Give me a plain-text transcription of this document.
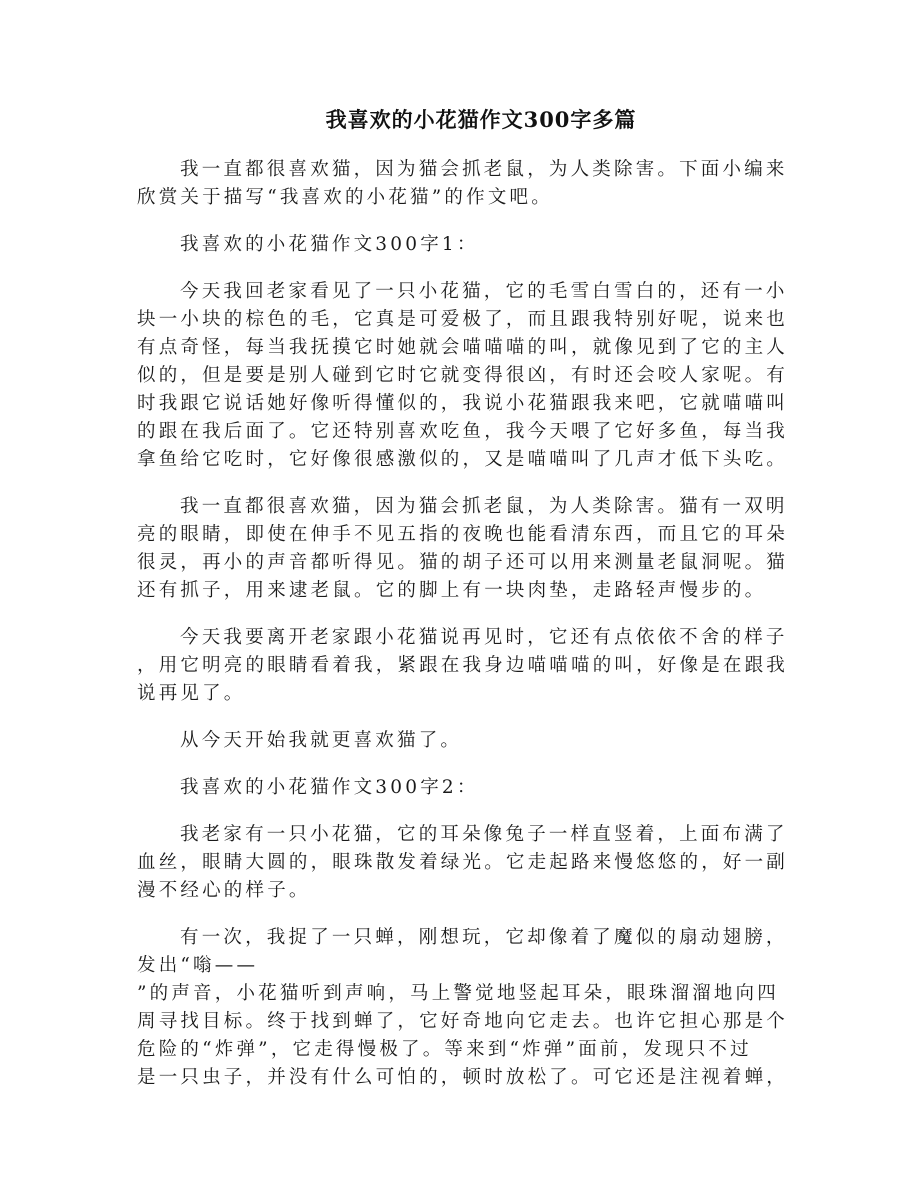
我喜欢的小花猫作文300字多篇
我一直都很喜欢猫，因为猫会抓老鼠，为人类除害。下面小编来
欣赏关于描写“我喜欢的小花猫”的作文吧。
我喜欢的小花猫作文300字1：
今天我回老家看见了一只小花猫，它的毛雪白雪白的，还有一小
块一小块的棕色的毛，它真是可爱极了，而且跟我特别好呢，说来也
有点奇怪，每当我抚摸它时她就会喵喵喵的叫，就像见到了它的主人
似的，但是要是别人碰到它时它就变得很凶，有时还会咬人家呢。有
时我跟它说话她好像听得懂似的，我说小花猫跟我来吧，它就喵喵叫
的跟在我后面了。它还特别喜欢吃鱼，我今天喂了它好多鱼，每当我
拿鱼给它吃时，它好像很感激似的，又是喵喵叫了几声才低下头吃。
我一直都很喜欢猫，因为猫会抓老鼠，为人类除害。猫有一双明
亮的眼睛，即使在伸手不见五指的夜晚也能看清东西，而且它的耳朵
很灵，再小的声音都听得见。猫的胡子还可以用来测量老鼠洞呢。猫
还有抓子，用来逮老鼠。它的脚上有一块肉垫，走路轻声慢步的。
今天我要离开老家跟小花猫说再见时，它还有点依依不舍的样子
，用它明亮的眼睛看着我，紧跟在我身边喵喵喵的叫，好像是在跟我
说再见了。
从今天开始我就更喜欢猫了。
我喜欢的小花猫作文300字2：
我老家有一只小花猫，它的耳朵像兔子一样直竖着，上面布满了
血丝，眼睛大圆的，眼珠散发着绿光。它走起路来慢悠悠的，好一副
漫不经心的样子。
有一次，我捉了一只蝉，刚想玩，它却像着了魔似的扇动翅膀，
发出“嗡——
”的声音，小花猫听到声响，马上警觉地竖起耳朵，眼珠溜溜地向四
周寻找目标。终于找到蝉了，它好奇地向它走去。也许它担心那是个
危险的“炸弹”，它走得慢极了。等来到“炸弹”面前，发现只不过
是一只虫子，并没有什么可怕的，顿时放松了。可它还是注视着蝉，
